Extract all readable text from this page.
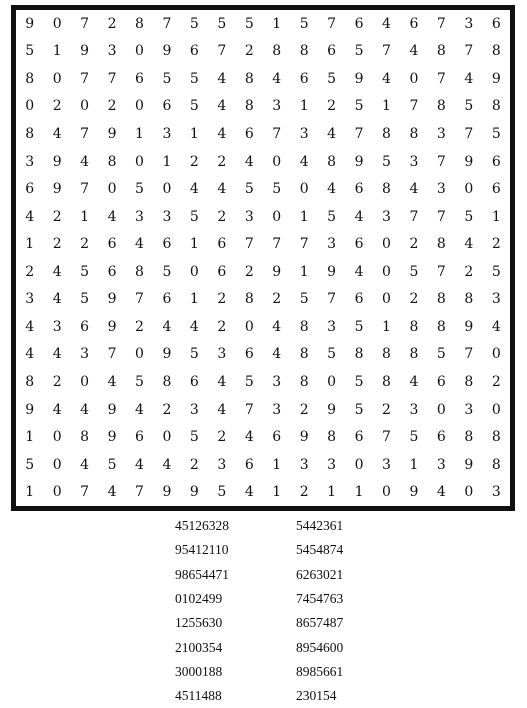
9	0	7	2	8	7	5	5	5	1	5	7	6	4	6	7	3	6
5	1	9	3	0	9	6	7	2	8	8	6	5	7	4	8	7	8
8	0	7	7	6	5	5	4	8	4	6	5	9	4	0	7	4	9
0	2	0	2	0	6	5	4	8	3	1	2	5	1	7	8	5	8
8	4	7	9	1	3	1	4	6	7	3	4	7	8	8	3	7	5
3	9	4	8	0	1	2	2	4	0	4	8	9	5	3	7	9	6
6	9	7	0	5	0	4	4	5	5	0	4	6	8	4	3	0	6
4	2	1	4	3	3	5	2	3	0	1	5	4	3	7	7	5	1
1	2	2	6	4	6	1	6	7	7	7	3	6	0	2	8	4	2
2	4	5	6	8	5	0	6	2	9	1	9	4	0	5	7	2	5
3	4	5	9	7	6	1	2	8	2	5	7	6	0	2	8	8	3
4	3	6	9	2	4	4	2	0	4	8	3	5	1	8	8	9	4
4	4	3	7	0	9	5	3	6	4	8	5	8	8	8	5	7	0
8	2	0	4	5	8	6	4	5	3	8	0	5	8	4	6	8	2
9	4	4	9	4	2	3	4	7	3	2	9	5	2	3	0	3	0
1	0	8	9	6	0	5	2	4	6	9	8	6	7	5	6	8	8
5	0	4	5	4	4	2	3	6	1	3	3	0	3	1	3	9	8
1	0	7	4	7	9	9	5	4	1	2	1	1	0	9	4	0	3
45126328	5442361
95412110	5454874
98654471	6263021
0102499	7454763
1255630	8657487
2100354	8954600
3000188	8985661
4511488	230154
